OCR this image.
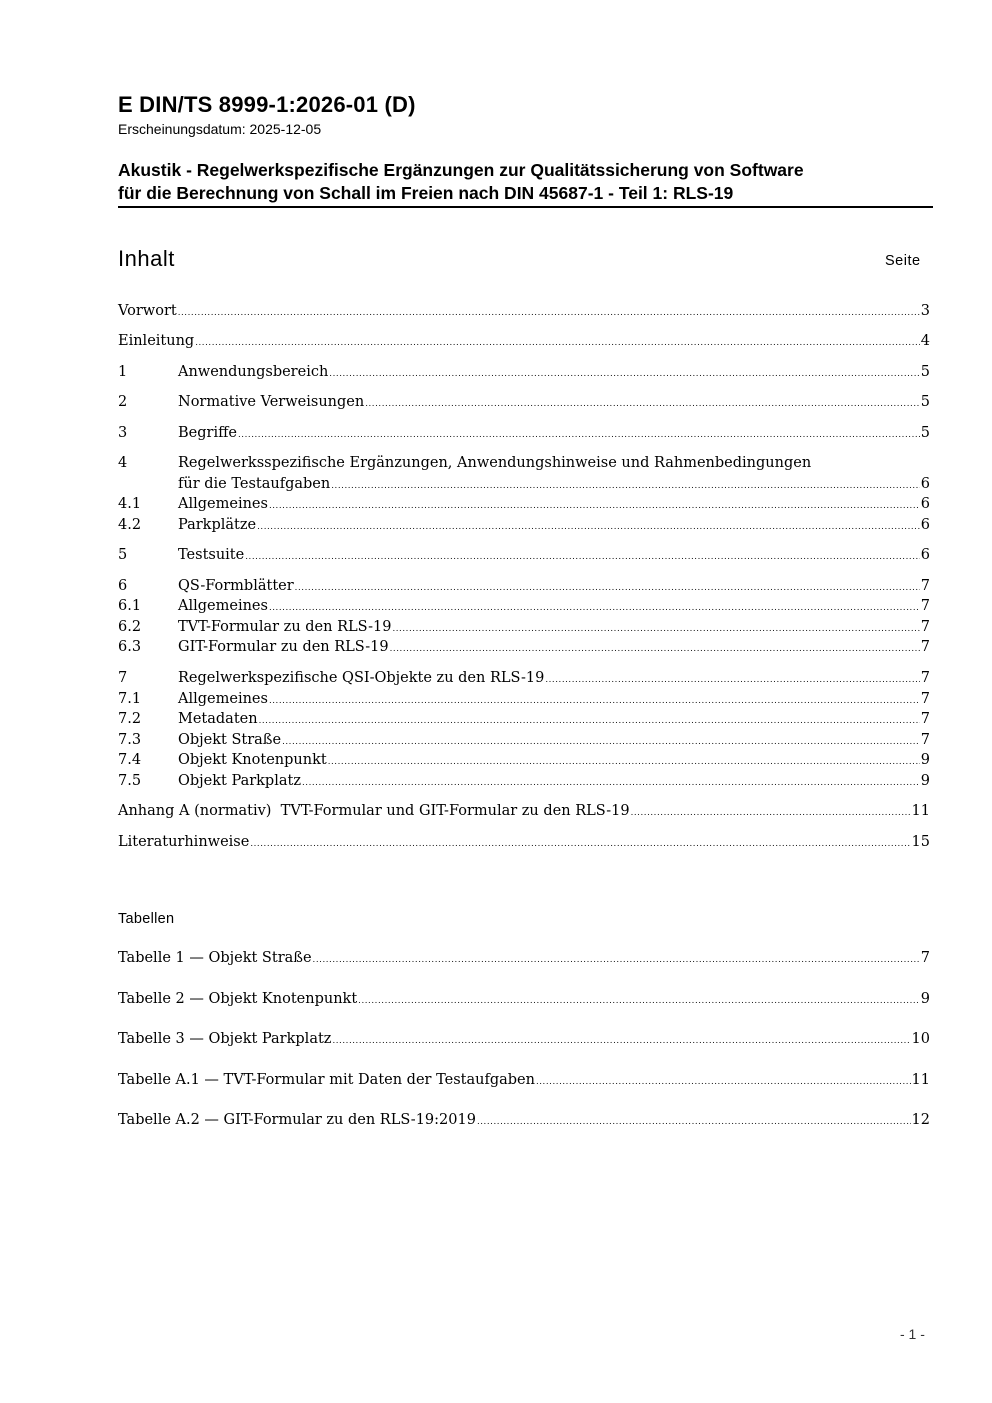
E DIN/TS 8999-1:2026-01 (D)
Erscheinungsdatum: 2025-12-05
Akustik - Regelwerkspezifische Ergänzungen zur Qualitätssicherung von Software
für die Berechnung von Schall im Freien nach DIN 45687-1 - Teil 1: RLS-19
Inhalt	Seite
Vorwort .....	3
Einleitung .....	4
1	Anwendungsbereich .....	5
2	Normative Verweisungen .....	5
3	Begriffe .....	5
4	Regelwerksspezifische Ergänzungen, Anwendungshinweise und Rahmenbedingungen
für die Testaufgaben .....	6
4.1	Allgemeines .....	6
4.2	Parkplätze .....	6
5	Testsuite .....	6
6	QS-Formblätter .....	7
6.1	Allgemeines .....	7
6.2	TVT-Formular zu den RLS-19 .....	7
6.3	GIT-Formular zu den RLS-19 .....	7
7	Regelwerkspezifische QSI-Objekte zu den RLS-19 .....	7
7.1	Allgemeines .....	7
7.2	Metadaten .....	7
7.3	Objekt Straße .....	7
7.4	Objekt Knotenpunkt .....	9
7.5	Objekt Parkplatz .....	9
Anhang A (normativ)  TVT-Formular und GIT-Formular zu den RLS-19 .....	11
Literaturhinweise .....	15
Tabellen
Tabelle 1 — Objekt Straße .....	7
Tabelle 2 — Objekt Knotenpunkt .....	9
Tabelle 3 — Objekt Parkplatz .....	10
Tabelle A.1 — TVT-Formular mit Daten der Testaufgaben .....	11
Tabelle A.2 — GIT-Formular zu den RLS-19:2019 .....	12
- 1 -
